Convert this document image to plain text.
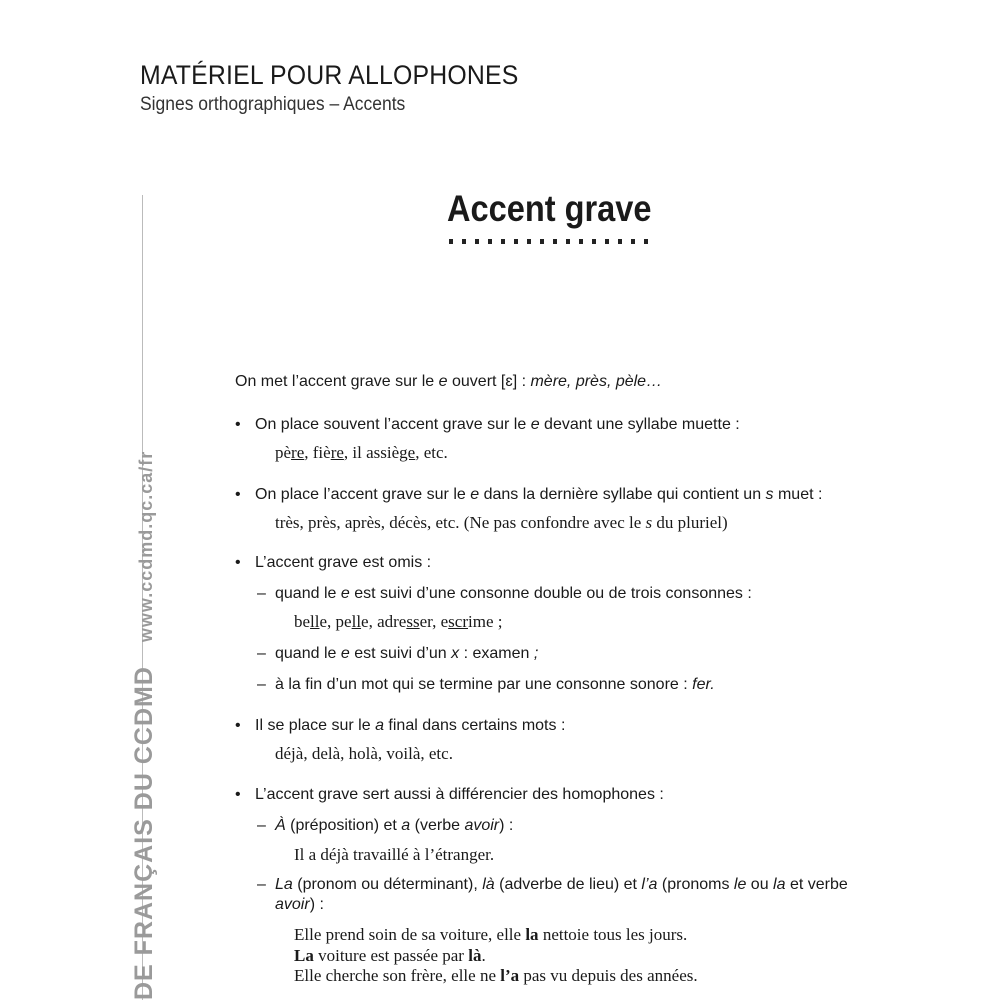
MATÉRIEL POUR ALLOPHONES
Signes orthographiques – Accents
DE FRANÇAIS DU CCDMDwww.ccdmd.qc.ca/fr
Accent grave
On met l’accent grave sur le e ouvert [ɛ] : mère, près, pèle…
• On place souvent l’accent grave sur le e devant une syllabe muette :
père, fière, il assiège, etc.
• On place l’accent grave sur le e dans la dernière syllabe qui contient un s muet :
très, près, après, décès, etc. (Ne pas confondre avec le s du pluriel)
• L’accent grave est omis :
– quand le e est suivi d’une consonne double ou de trois consonnes :
belle, pelle, adresser, escrime ;
– quand le e est suivi d’un x : examen ;
– à la fin d’un mot qui se termine par une consonne sonore : fer.
• Il se place sur le a final dans certains mots :
déjà, delà, holà, voilà, etc.
• L’accent grave sert aussi à différencier des homophones :
– À (préposition) et a (verbe avoir) :
Il a déjà travaillé à l’étranger.
– La (pronom ou déterminant), là (adverbe de lieu) et l’a (pronoms le ou la et verbe
avoir) :
Elle prend soin de sa voiture, elle la nettoie tous les jours.
La voiture est passée par là.
Elle cherche son frère, elle ne l’a pas vu depuis des années.
